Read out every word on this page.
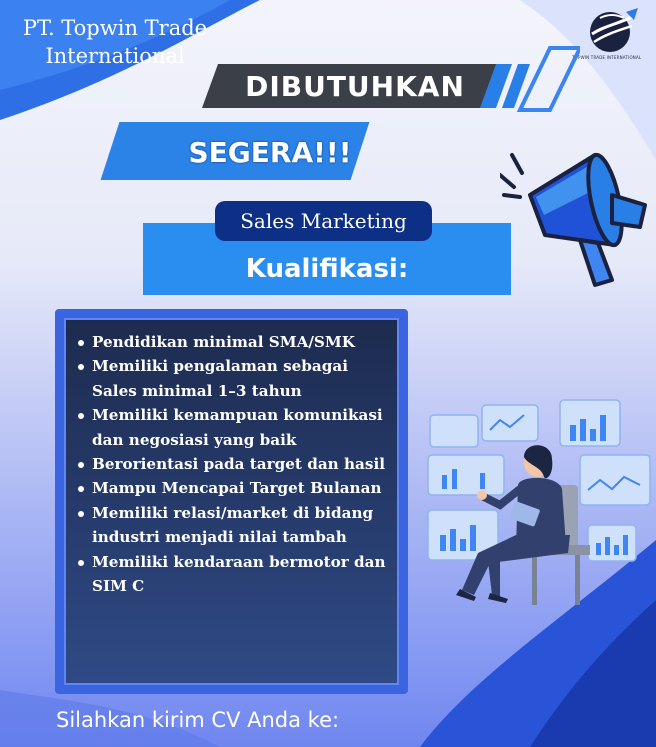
PT. Topwin Trade
International	TOPWIN TRADE INTERNATIONAL
DIBUTUHKAN
SEGERA!!!
Sales Marketing
Kualifikasi:
Pendidikan minimal SMA/SMK
Memiliki pengalaman sebagai Sales minimal 1–3 tahun
Memiliki kemampuan komunikasi dan negosiasi yang baik
Berorientasi pada target dan hasil
Mampu Mencapai Target Bulanan
Memiliki relasi/market di bidang industri menjadi nilai tambah
Memiliki kendaraan bermotor dan SIM C
Silahkan kirim CV Anda ke:
